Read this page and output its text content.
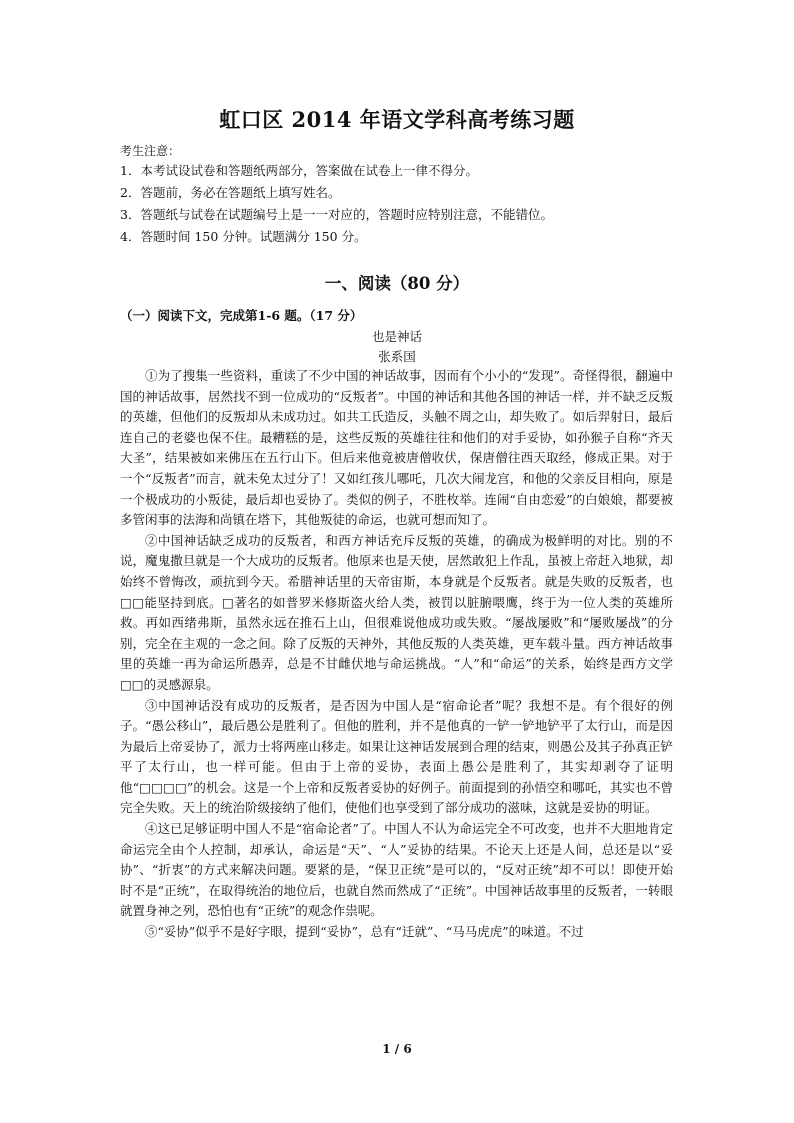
虹口区 2014 年语文学科高考练习题
考生注意：
1．本考试设试卷和答题纸两部分，答案做在试卷上一律不得分。
2．答题前，务必在答题纸上填写姓名。
3．答题纸与试卷在试题编号上是一一对应的，答题时应特别注意，不能错位。
4．答题时间 150 分钟。试题满分 150 分。
一、阅读（80 分）
（一）阅读下文，完成第1-6 题。（17 分）
也是神话
张系国

①为了搜集一些资料，重读了不少中国的神话故事，因而有个小小的“发现”。奇怪得很，翻遍中国的神话故事，居然找不到一位成功的“反叛者”。中国的神话和其他各国的神话一样，并不缺乏反叛的英雄，但他们的反叛却从未成功过。如共工氏造反，头触不周之山，却失败了。如后羿射日，最后连自己的老婆也保不住。最糟糕的是，这些反叛的英雄往往和他们的对手妥协，如孙猴子自称“齐天大圣”，结果被如来佛压在五行山下。但后来他竟被唐僧收伏，保唐僧往西天取经，修成正果。对于一个“反叛者”而言，就未免太过分了！又如红孩儿哪吒，几次大闹龙宫，和他的父亲反目相向，原是一个极成功的小叛徒，最后却也妥协了。类似的例子，不胜枚举。连闹“自由恋爱”的白娘娘，都要被多管闲事的法海和尚镇在塔下，其他叛徒的命运，也就可想而知了。

②中国神话缺乏成功的反叛者，和西方神话充斥反叛的英雄，的确成为极鲜明的对比。别的不说，魔鬼撒旦就是一个大成功的反叛者。他原来也是天使，居然敢犯上作乱，虽被上帝赶入地狱，却始终不曾悔改，顽抗到今天。希腊神话里的天帝宙斯，本身就是个反叛者。就是失败的反叛者，也□□能坚持到底。□著名的如普罗米修斯盗火给人类，被罚以脏腑喂鹰，终于为一位人类的英雄所救。再如西绪弗斯，虽然永远在推石上山，但很难说他成功或失败。“屡战屡败”和“屡败屡战”的分别，完全在主观的一念之间。除了反叛的天神外，其他反叛的人类英雄，更车载斗量。西方神话故事里的英雄一再为命运所愚弄，总是不甘雌伏地与命运挑战。“人”和“命运”的关系，始终是西方文学□□的灵感源泉。

③中国神话没有成功的反叛者，是否因为中国人是“宿命论者”呢？我想不是。有个很好的例子。“愚公移山”，最后愚公是胜利了。但他的胜利，并不是他真的一铲一铲地铲平了太行山，而是因为最后上帝妥协了，派力士将两座山移走。如果让这神话发展到合理的结束，则愚公及其子孙真正铲平了太行山，也一样可能。但由于上帝的妥协，表面上愚公是胜利了，其实却剥夺了证明他“□□□□”的机会。这是一个上帝和反叛者妥协的好例子。前面提到的孙悟空和哪吒，其实也不曾完全失败。天上的统治阶级接纳了他们，使他们也享受到了部分成功的滋味，这就是妥协的明证。

④这已足够证明中国人不是“宿命论者”了。中国人不认为命运完全不可改变，也并不大胆地肯定命运完全由个人控制，却承认，命运是“天”、“人”妥协的结果。不论天上还是人间，总还是以“妥协”、“折衷”的方式来解决问题。要紧的是，“保卫正统”是可以的，“反对正统”却不可以！即使开始时不是“正统”，在取得统治的地位后，也就自然而然成了“正统”。中国神话故事里的反叛者，一转眼就置身神之列，恐怕也有“正统”的观念作祟呢。

⑤“妥协”似乎不是好字眼，提到“妥协”，总有“迁就”、“马马虎虎”的味道。不过

1 / 6
